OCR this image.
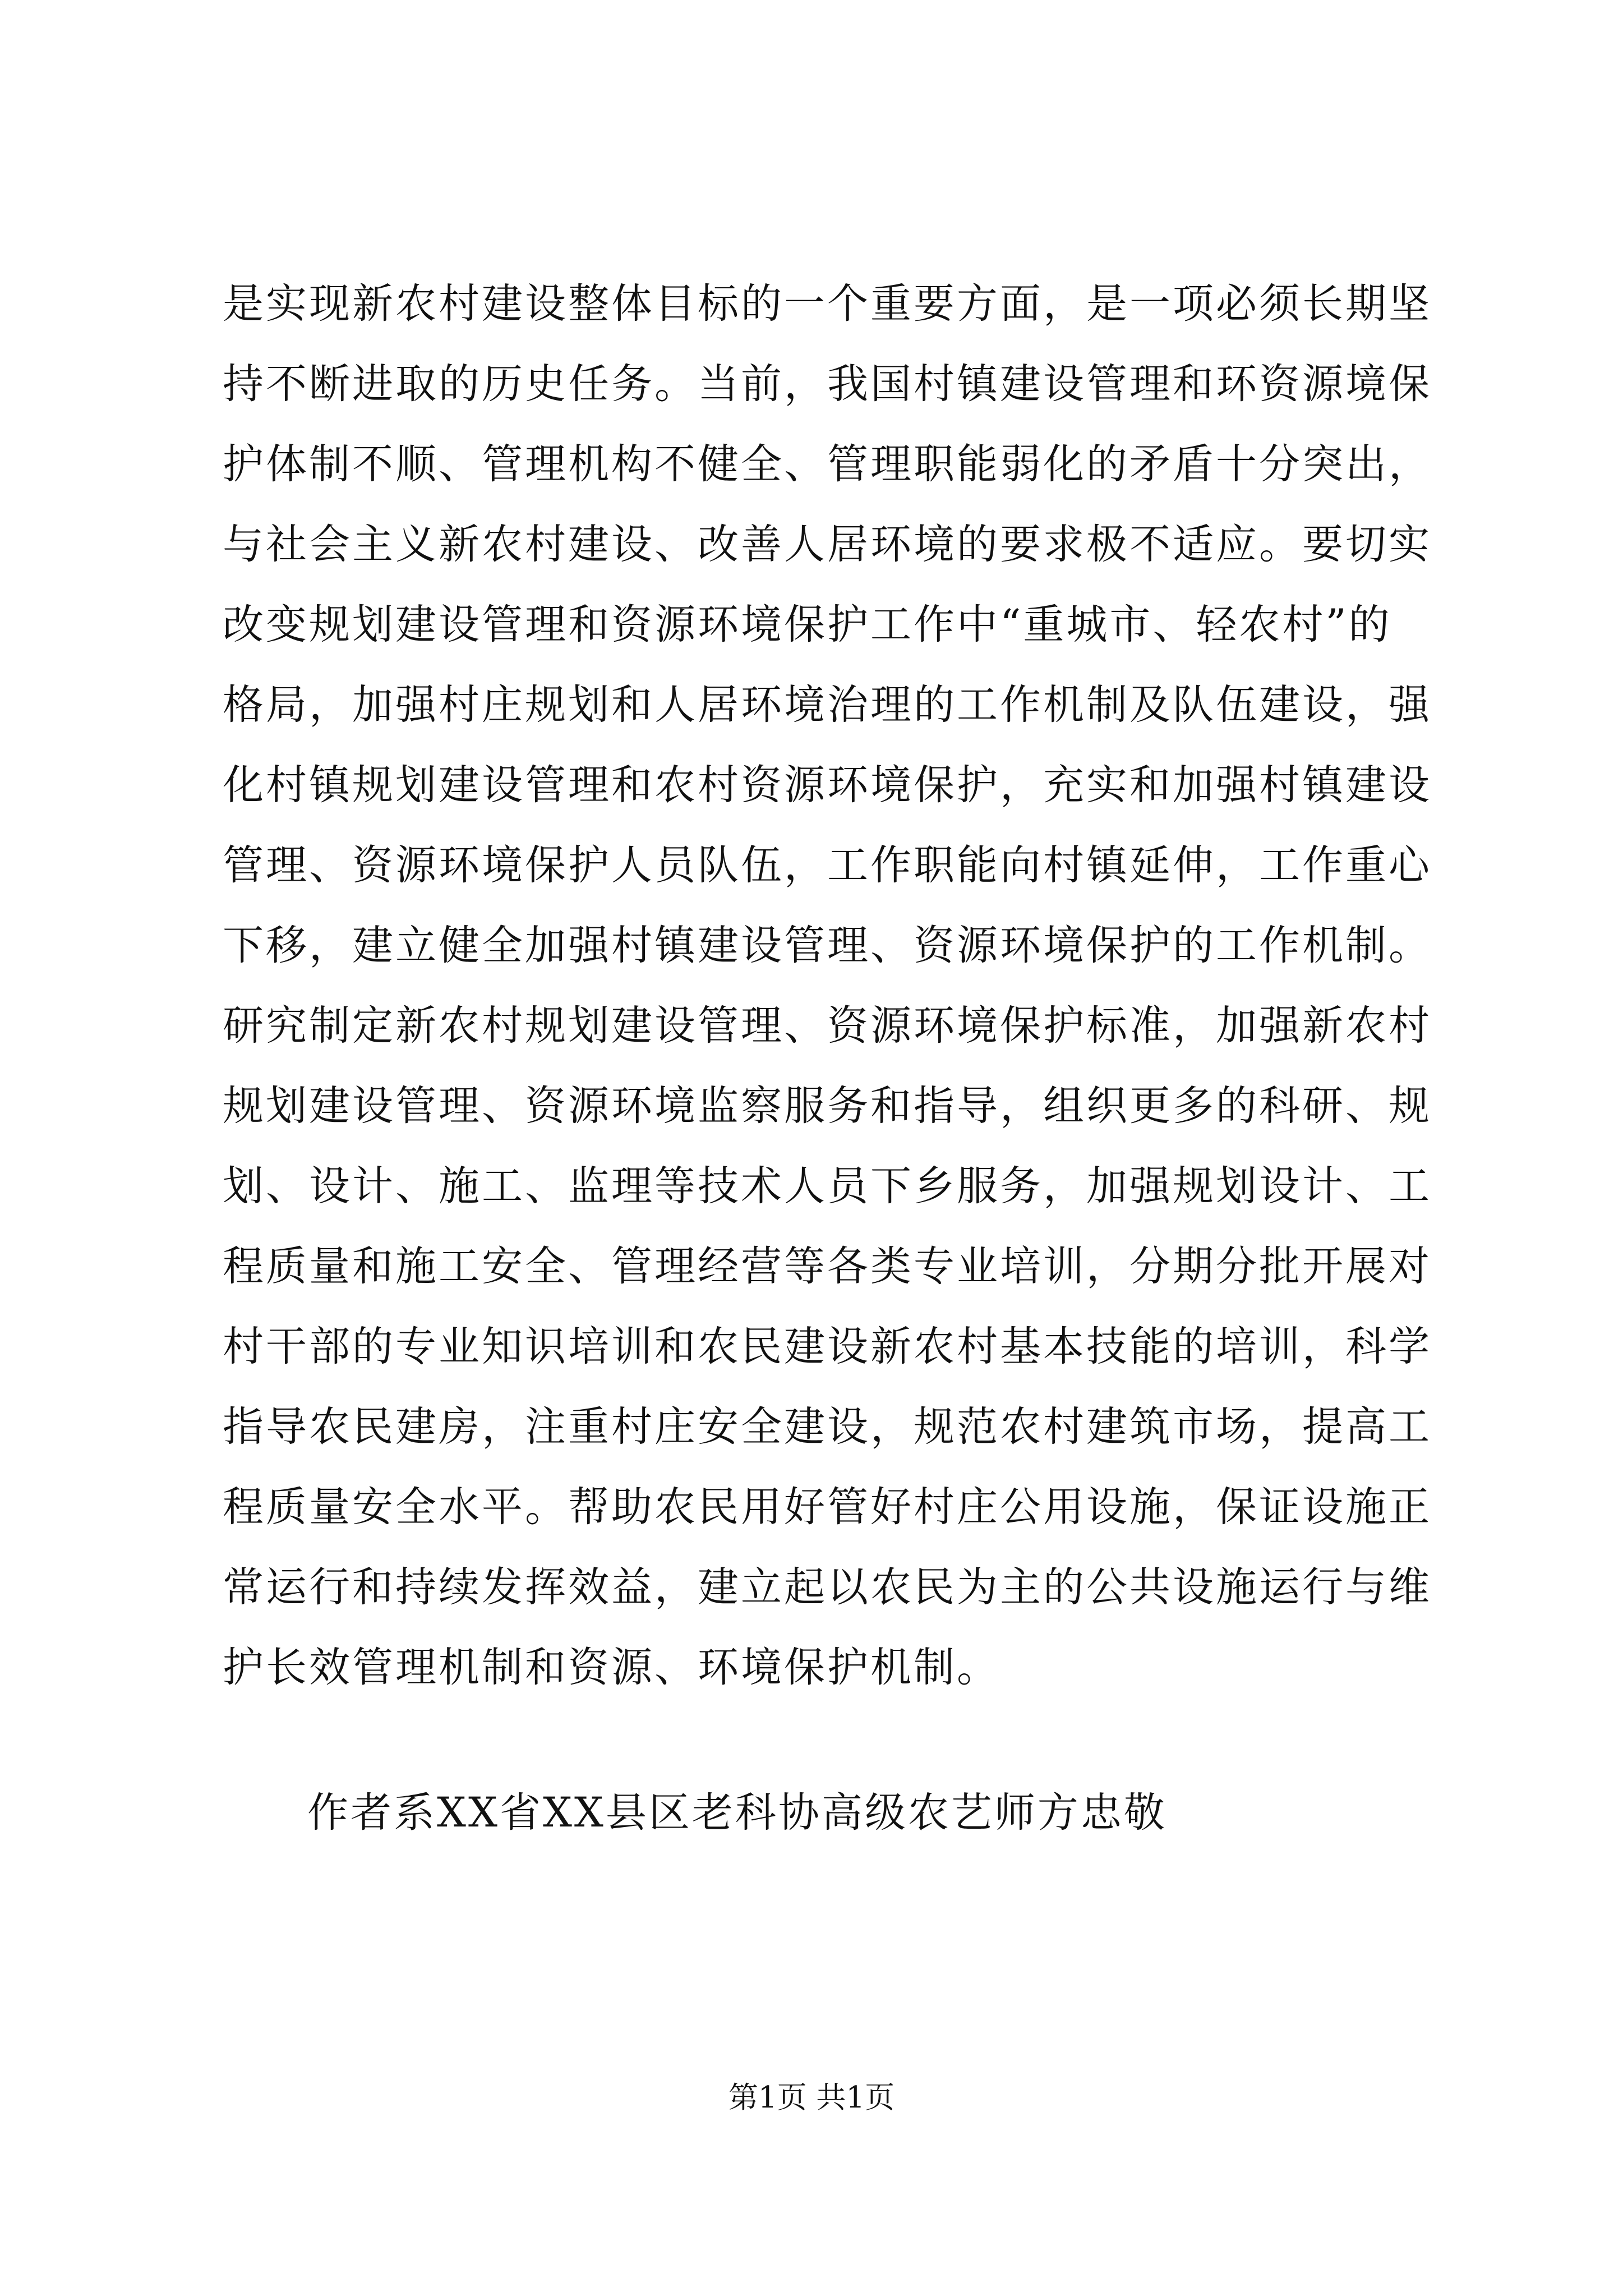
是实现新农村建设整体目标的一个重要方面，是一项必须长期坚
持不断进取的历史任务。当前，我国村镇建设管理和环资源境保
护体制不顺、管理机构不健全、管理职能弱化的矛盾十分突出，
与社会主义新农村建设、改善人居环境的要求极不适应。要切实
改变规划建设管理和资源环境保护工作中“重城市、轻农村”的
格局，加强村庄规划和人居环境治理的工作机制及队伍建设，强
化村镇规划建设管理和农村资源环境保护，充实和加强村镇建设
管理、资源环境保护人员队伍，工作职能向村镇延伸，工作重心
下移，建立健全加强村镇建设管理、资源环境保护的工作机制。
研究制定新农村规划建设管理、资源环境保护标准，加强新农村
规划建设管理、资源环境监察服务和指导，组织更多的科研、规
划、设计、施工、监理等技术人员下乡服务，加强规划设计、工
程质量和施工安全、管理经营等各类专业培训，分期分批开展对
村干部的专业知识培训和农民建设新农村基本技能的培训，科学
指导农民建房，注重村庄安全建设，规范农村建筑市场，提高工
程质量安全水平。帮助农民用好管好村庄公用设施，保证设施正
常运行和持续发挥效益，建立起以农民为主的公共设施运行与维
护长效管理机制和资源、环境保护机制。

作者系XX省XX县区老科协高级农艺师方忠敬

第1页 共1页
